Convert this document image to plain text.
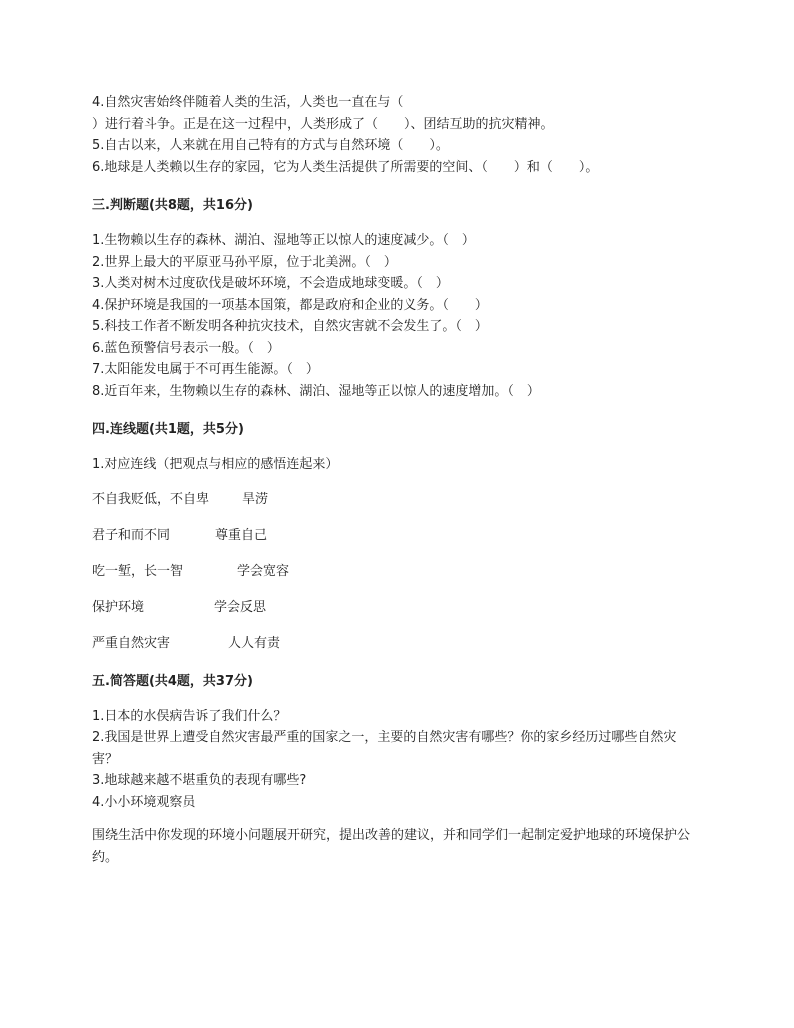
4.自然灾害始终伴随着人类的生活，人类也一直在与（
）进行着斗争。正是在这一过程中，人类形成了（　　）、团结互助的抗灾精神。
5.自古以来，人来就在用自己特有的方式与自然环境（　　）。
6.地球是人类赖以生存的家园，它为人类生活提供了所需要的空间、（　　）和（　　）。
三.判断题(共8题，共16分)
1.生物赖以生存的森林、湖泊、湿地等正以惊人的速度减少。（　）
2.世界上最大的平原亚马孙平原，位于北美洲。（　）
3.人类对树木过度砍伐是破坏环境，不会造成地球变暖。（　）
4.保护环境是我国的一项基本国策，都是政府和企业的义务。（　　）
5.科技工作者不断发明各种抗灾技术，自然灾害就不会发生了。（　）
6.蓝色预警信号表示一般。（　）
7.太阳能发电属于不可再生能源。（　）
8.近百年来，生物赖以生存的森林、湖泊、湿地等正以惊人的速度增加。（　）
四.连线题(共1题，共5分)
1.对应连线（把观点与相应的感悟连起来）
不自我贬低，不自卑	旱涝
君子和而不同	尊重自己
吃一堑，长一智	学会宽容
保护环境	学会反思
严重自然灾害	人人有责
五.简答题(共4题，共37分)
1.日本的水俣病告诉了我们什么？
2.我国是世界上遭受自然灾害最严重的国家之一，主要的自然灾害有哪些？你的家乡经历过哪些自然灾害？
3.地球越来越不堪重负的表现有哪些?
4.小小环境观察员
围绕生活中你发现的环境小问题展开研究，提出改善的建议，并和同学们一起制定爱护地球的环境保护公约。
